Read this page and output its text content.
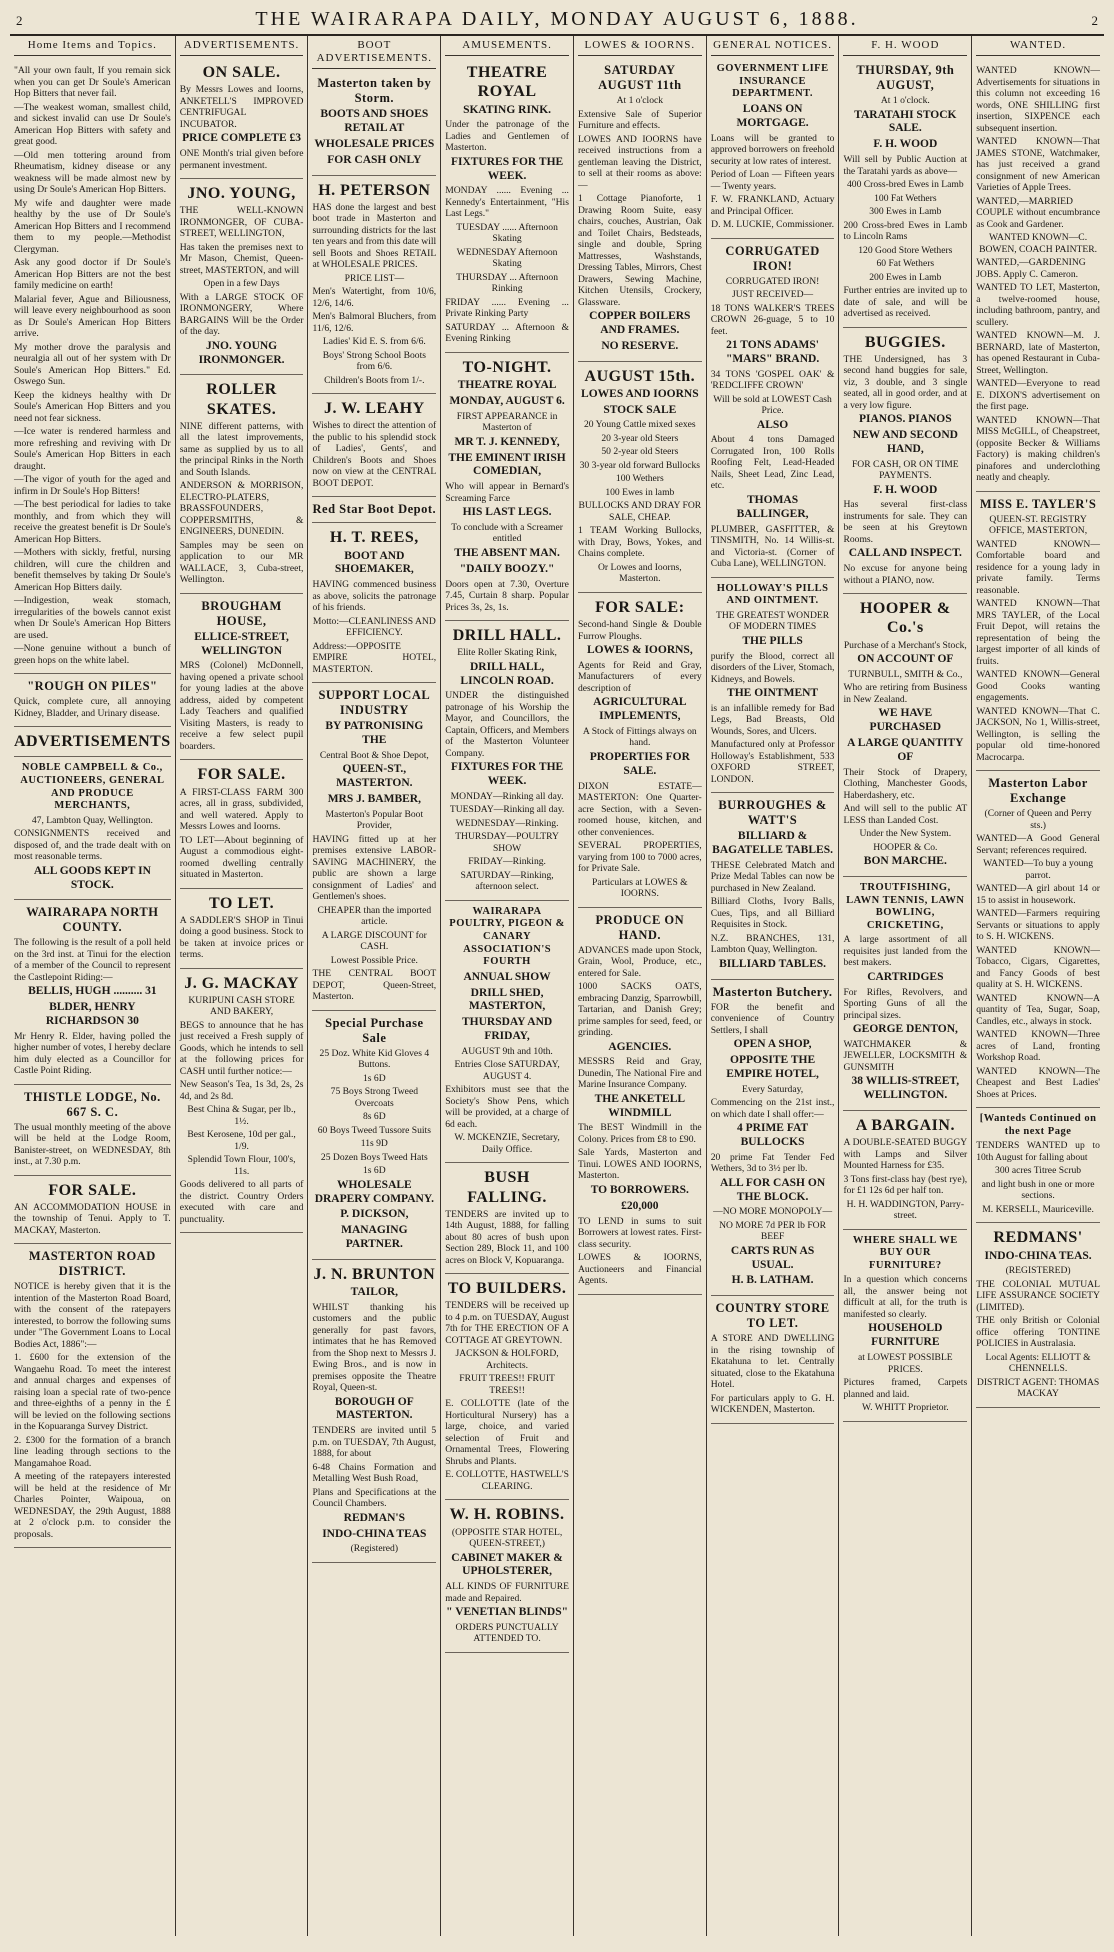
2	THE WAIRARAPA DAILY, MONDAY AUGUST 6, 1888.	2
Home Items and Topics.
"All your own fault, If you remain sick when you can get Dr Soule's American Hop Bitters that never fail.
—The weakest woman, smallest child, and sickest invalid can use Dr Soule's American Hop Bitters with safety and great good.
—Old men tottering around from Rheumatism, kidney disease or any weakness will be made almost new by using Dr Soule's American Hop Bitters.
My wife and daughter were made healthy by the use of Dr Soule's American Hop Bitters and I recommend them to my people.—Methodist Clergyman.
Ask any good doctor if Dr Soule's American Hop Bitters are not the best family medicine on earth!
Malarial fever, Ague and Biliousness, will leave every neighbourhood as soon as Dr Soule's American Hop Bitters arrive.
My mother drove the paralysis and neuralgia all out of her system with Dr Soule's American Hop Bitters." Ed. Oswego Sun.
Keep the kidneys healthy with Dr Soule's American Hop Bitters and you need not fear sickness.
—Ice water is rendered harmless and more refreshing and reviving with Dr Soule's American Hop Bitters in each draught.
—The vigor of youth for the aged and infirm in Dr Soule's Hop Bitters!
—The best periodical for ladies to take monthly, and from which they will receive the greatest benefit is Dr Soule's American Hop Bitters.
—Mothers with sickly, fretful, nursing children, will cure the children and benefit themselves by taking Dr Soule's American Hop Bitters daily.
—Indigestion, weak stomach, irregularities of the bowels cannot exist when Dr Soule's American Hop Bitters are used.
—None genuine without a bunch of green hops on the white label.
"ROUGH ON PILES"
Quick, complete cure, all annoying Kidney, Bladder, and Urinary disease.
ADVERTISEMENTS
NOBLE CAMPBELL & Co., AUCTIONEERS, GENERAL AND PRODUCE MERCHANTS,
47, Lambton Quay, Wellington.
CONSIGNMENTS received and disposed of, and the trade dealt with on most reasonable terms.
ALL GOODS KEPT IN STOCK.
WAIRARAPA NORTH COUNTY.
The following is the result of a poll held on the 3rd inst. at Tinui for the election of a member of the Council to represent the Castlepoint Riding:—
BELLIS, HUGH .......... 31
BLDER, HENRY RICHARDSON 30
Mr Henry R. Elder, having polled the higher number of votes, I hereby declare him duly elected as a Councillor for Castle Point Riding.
THISTLE LODGE, No. 667 S. C.
The usual monthly meeting of the above will be held at the Lodge Room, Banister-street, on WEDNESDAY, 8th inst., at 7.30 p.m.
FOR SALE.
AN ACCOMMODATION HOUSE in the township of Tenui. Apply to T. MACKAY, Masterton.
MASTERTON ROAD DISTRICT.
NOTICE is hereby given that it is the intention of the Masterton Road Board, with the consent of the ratepayers interested, to borrow the following sums under "The Government Loans to Local Bodies Act, 1886":—
1. £600 for the extension of the Wangaehu Road. To meet the interest and annual charges and expenses of raising loan a special rate of two-pence and three-eighths of a penny in the £ will be levied on the following sections in the Kopuaranga Survey District.
2. £300 for the formation of a branch line leading through sections to the Mangamahoe Road.
A meeting of the ratepayers interested will be held at the residence of Mr Charles Pointer, Waipoua, on WEDNESDAY, the 29th August, 1888 at 2 o'clock p.m. to consider the proposals.
ADVERTISEMENTS.
ON SALE.
By Messrs Lowes and Ioorns, ANKETELL'S IMPROVED CENTRIFUGAL INCUBATOR.
PRICE COMPLETE £3
ONE Month's trial given before permanent investment.
JNO. YOUNG,
THE WELL-KNOWN IRONMONGER, OF CUBA-STREET, WELLINGTON,
Has taken the premises next to Mr Mason, Chemist, Queen-street, MASTERTON, and will
Open in a few Days
With a LARGE STOCK OF IRONMONGERY, Where BARGAINS Will be the Order of the day.
JNO. YOUNG IRONMONGER.
ROLLER SKATES.
NINE different patterns, with all the latest improvements, same as supplied by us to all the principal Rinks in the North and South Islands.
ANDERSON & MORRISON, ELECTRO-PLATERS, BRASSFOUNDERS, COPPERSMITHS, & ENGINEERS, DUNEDIN.
Samples may be seen on application to our MR WALLACE, 3, Cuba-street, Wellington.
BROUGHAM HOUSE,
ELLICE-STREET, WELLINGTON
MRS (Colonel) McDonnell, having opened a private school for young ladies at the above address, aided by competent Lady Teachers and qualified Visiting Masters, is ready to receive a few select pupil boarders.
FOR SALE.
A FIRST-CLASS FARM 300 acres, all in grass, subdivided, and well watered. Apply to Messrs Lowes and Ioorns.
TO LET—About beginning of August a commodious eight-roomed dwelling centrally situated in Masterton.
TO LET.
A SADDLER'S SHOP in Tinui doing a good business. Stock to be taken at invoice prices or terms.
J. G. MACKAY
KURIPUNI CASH STORE AND BAKERY,
BEGS to announce that he has just received a Fresh supply of Goods, which he intends to sell at the following prices for CASH until further notice:—
New Season's Tea, 1s 3d, 2s, 2s 4d, and 2s 8d.
Best China & Sugar, per lb., 1½.
Best Kerosene, 10d per gal., 1/9.
Splendid Town Flour, 100's, 11s.
Goods delivered to all parts of the district. Country Orders executed with care and punctuality.
BOOT ADVERTISEMENTS.
Masterton taken by Storm.
BOOTS AND SHOES RETAIL AT
WHOLESALE PRICES
FOR CASH ONLY
H. PETERSON
HAS done the largest and best boot trade in Masterton and surrounding districts for the last ten years and from this date will sell Boots and Shoes RETAIL at WHOLESALE PRICES.
PRICE LIST—
Men's Watertight, from 10/6, 12/6, 14/6.
Men's Balmoral Bluchers, from 11/6, 12/6.
Ladies' Kid E. S. from 6/6.
Boys' Strong School Boots from 6/6.
Children's Boots from 1/-.
J. W. LEAHY
Wishes to direct the attention of the public to his splendid stock of Ladies', Gents', and Children's Boots and Shoes now on view at the CENTRAL BOOT DEPOT.
Red Star Boot Depot.
H. T. REES,
BOOT AND SHOEMAKER,
HAVING commenced business as above, solicits the patronage of his friends.
Motto:—CLEANLINESS AND EFFICIENCY.
Address:—OPPOSITE EMPIRE HOTEL, MASTERTON.
SUPPORT LOCAL INDUSTRY
BY PATRONISING THE
Central Boot & Shoe Depot,
QUEEN-ST., MASTERTON.
MRS J. BAMBER,
Masterton's Popular Boot Provider,
HAVING fitted up at her premises extensive LABOR-SAVING MACHINERY, the public are shown a large consignment of Ladies' and Gentlemen's shoes.
CHEAPER than the imported article.
A LARGE DISCOUNT for CASH.
Lowest Possible Price.
THE CENTRAL BOOT DEPOT, Queen-Street, Masterton.
Special Purchase Sale
25 Doz. White Kid Gloves 4 Buttons.
1s 6D
75 Boys Strong Tweed Overcoats
8s 6D
60 Boys Tweed Tussore Suits
11s 9D
25 Dozen Boys Tweed Hats
1s 6D
WHOLESALE DRAPERY COMPANY.
P. DICKSON,
MANAGING PARTNER.
J. N. BRUNTON
TAILOR,
WHILST thanking his customers and the public generally for past favors, intimates that he has Removed from the Shop next to Messrs J. Ewing Bros., and is now in premises opposite the Theatre Royal, Queen-st.
BOROUGH OF MASTERTON.
TENDERS are invited until 5 p.m. on TUESDAY, 7th August, 1888, for about
6-48 Chains Formation and Metalling West Bush Road,
Plans and Specifications at the Council Chambers.
REDMAN'S
INDO-CHINA TEAS
(Registered)
AMUSEMENTS.
THEATRE ROYAL
SKATING RINK.
Under the patronage of the Ladies and Gentlemen of Masterton.
FIXTURES FOR THE WEEK.
MONDAY ...... Evening ... Kennedy's Entertainment, "His Last Legs."
TUESDAY ...... Afternoon Skating
WEDNESDAY Afternoon Skating
THURSDAY ... Afternoon Rinking
FRIDAY ...... Evening ... Private Rinking Party
SATURDAY ... Afternoon & Evening Rinking
TO-NIGHT.
THEATRE ROYAL
MONDAY, AUGUST 6.
FIRST APPEARANCE in Masterton of
MR T. J. KENNEDY,
THE EMINENT IRISH COMEDIAN,
Who will appear in Bernard's Screaming Farce
HIS LAST LEGS.
To conclude with a Screamer entitled
THE ABSENT MAN.
"DAILY BOOZY."
Doors open at 7.30, Overture 7.45, Curtain 8 sharp. Popular Prices 3s, 2s, 1s.
DRILL HALL.
Elite Roller Skating Rink,
DRILL HALL, LINCOLN ROAD.
UNDER the distinguished patronage of his Worship the Mayor, and Councillors, the Captain, Officers, and Members of the Masterton Volunteer Company.
FIXTURES FOR THE WEEK.
MONDAY—Rinking all day.
TUESDAY—Rinking all day.
WEDNESDAY—Rinking.
THURSDAY—POULTRY SHOW
FRIDAY—Rinking.
SATURDAY—Rinking, afternoon select.
WAIRARAPA POULTRY, PIGEON & CANARY ASSOCIATION'S FOURTH
ANNUAL SHOW
DRILL SHED, MASTERTON,
THURSDAY AND FRIDAY,
AUGUST 9th and 10th.
Entries Close SATURDAY, AUGUST 4.
Exhibitors must see that the Society's Show Pens, which will be provided, at a charge of 6d each.
W. MCKENZIE, Secretary, Daily Office.
BUSH FALLING.
TENDERS are invited up to 14th August, 1888, for falling about 80 acres of bush upon Section 289, Block 11, and 100 acres on Block V, Kopuaranga.
TO BUILDERS.
TENDERS will be received up to 4 p.m. on TUESDAY, August 7th for THE ERECTION OF A COTTAGE AT GREYTOWN.
JACKSON & HOLFORD, Architects.
FRUIT TREES!! FRUIT TREES!!
E. COLLOTTE (late of the Horticultural Nursery) has a large, choice, and varied selection of Fruit and Ornamental Trees, Flowering Shrubs and Plants.
E. COLLOTTE, HASTWELL'S CLEARING.
W. H. ROBINS.
(OPPOSITE STAR HOTEL, QUEEN-STREET,)
CABINET MAKER & UPHOLSTERER,
ALL KINDS OF FURNITURE made and Repaired.
" VENETIAN BLINDS"
ORDERS PUNCTUALLY ATTENDED TO.
LOWES & IOORNS.
SATURDAY AUGUST 11th
At 1 o'clock
Extensive Sale of Superior Furniture and effects.
LOWES AND IOORNS have received instructions from a gentleman leaving the District, to sell at their rooms as above:—
1 Cottage Pianoforte, 1 Drawing Room Suite, easy chairs, couches, Austrian, Oak and Toilet Chairs, Bedsteads, single and double, Spring Mattresses, Washstands, Dressing Tables, Mirrors, Chest Drawers, Sewing Machine, Kitchen Utensils, Crockery, Glassware.
COPPER BOILERS AND FRAMES.
NO RESERVE.
AUGUST 15th.
LOWES AND IOORNS
STOCK SALE
20 Young Cattle mixed sexes
20 3-year old Steers
50 2-year old Steers
30 3-year old forward Bullocks
100 Wethers
100 Ewes in lamb
BULLOCKS AND DRAY FOR SALE, CHEAP.
1 TEAM Working Bullocks, with Dray, Bows, Yokes, and Chains complete.
Or Lowes and Ioorns, Masterton.
FOR SALE:
Second-hand Single & Double Furrow Ploughs.
LOWES & IOORNS,
Agents for Reid and Gray, Manufacturers of every description of
AGRICULTURAL IMPLEMENTS,
A Stock of Fittings always on hand.
PROPERTIES FOR SALE.
DIXON ESTATE—MASTERTON: One Quarter-acre Section, with a Seven-roomed house, kitchen, and other conveniences.
SEVERAL PROPERTIES, varying from 100 to 7000 acres, for Private Sale.
Particulars at LOWES & IOORNS.
PRODUCE ON HAND.
ADVANCES made upon Stock, Grain, Wool, Produce, etc., entered for Sale.
1000 SACKS OATS, embracing Danzig, Sparrowbill, Tartarian, and Danish Grey; prime samples for seed, feed, or grinding.
AGENCIES.
MESSRS Reid and Gray, Dunedin, The National Fire and Marine Insurance Company.
THE ANKETELL WINDMILL
The BEST Windmill in the Colony. Prices from £8 to £90.
Sale Yards, Masterton and Tinui. LOWES AND IOORNS, Masterton.
TO BORROWERS.
£20,000
TO LEND in sums to suit Borrowers at lowest rates. First-class security.
LOWES & IOORNS, Auctioneers and Financial Agents.
GENERAL NOTICES.
GOVERNMENT LIFE INSURANCE DEPARTMENT.
LOANS ON MORTGAGE.
Loans will be granted to approved borrowers on freehold security at low rates of interest.
Period of Loan — Fifteen years — Twenty years.
F. W. FRANKLAND, Actuary and Principal Officer.
D. M. LUCKIE, Commissioner.
CORRUGATED IRON!
CORRUGATED IRON!
JUST RECEIVED—
18 TONS WALKER'S TREES CROWN 26-guage, 5 to 10 feet.
21 TONS ADAMS' "MARS" BRAND.
34 TONS 'GOSPEL OAK' & 'REDCLIFFE CROWN'
Will be sold at LOWEST Cash Price.
ALSO
About 4 tons Damaged Corrugated Iron, 100 Rolls Roofing Felt, Lead-Headed Nails, Sheet Lead, Zinc Lead, etc.
THOMAS BALLINGER,
PLUMBER, GASFITTER, & TINSMITH, No. 14 Willis-st. and Victoria-st. (Corner of Cuba Lane), WELLINGTON.
HOLLOWAY'S PILLS AND OINTMENT.
THE GREATEST WONDER OF MODERN TIMES
THE PILLS
purify the Blood, correct all disorders of the Liver, Stomach, Kidneys, and Bowels.
THE OINTMENT
is an infallible remedy for Bad Legs, Bad Breasts, Old Wounds, Sores, and Ulcers.
Manufactured only at Professor Holloway's Establishment, 533 OXFORD STREET, LONDON.
BURROUGHES & WATT'S
BILLIARD & BAGATELLE TABLES.
THESE Celebrated Match and Prize Medal Tables can now be purchased in New Zealand.
Billiard Cloths, Ivory Balls, Cues, Tips, and all Billiard Requisites in Stock.
N.Z. BRANCHES, 131, Lambton Quay, Wellington.
BILLIARD TABLES.
Masterton Butchery.
FOR the benefit and convenience of Country Settlers, I shall
OPEN A SHOP,
OPPOSITE THE EMPIRE HOTEL,
Every Saturday,
Commencing on the 21st inst., on which date I shall offer:—
4 PRIME FAT BULLOCKS
20 prime Fat Tender Fed Wethers, 3d to 3½ per lb.
ALL FOR CASH ON THE BLOCK.
—NO MORE MONOPOLY—
NO MORE 7d PER lb FOR BEEF
CARTS RUN AS USUAL.
H. B. LATHAM.
COUNTRY STORE TO LET.
A STORE AND DWELLING in the rising township of Ekatahuna to let. Centrally situated, close to the Ekatahuna Hotel.
For particulars apply to G. H. WICKENDEN, Masterton.
F. H. WOOD
THURSDAY, 9th AUGUST,
At 1 o'clock.
TARATAHI STOCK SALE.
F. H. WOOD
Will sell by Public Auction at the Taratahi yards as above—
400 Cross-bred Ewes in Lamb
100 Fat Wethers
300 Ewes in Lamb
200 Cross-bred Ewes in Lamb to Lincoln Rams
120 Good Store Wethers
60 Fat Wethers
200 Ewes in Lamb
Further entries are invited up to date of sale, and will be advertised as received.
BUGGIES.
THE Undersigned, has 3 second hand buggies for sale, viz, 3 double, and 3 single seated, all in good order, and at a very low figure.
PIANOS. PIANOS
NEW AND SECOND HAND,
FOR CASH, OR ON TIME PAYMENTS.
F. H. WOOD
Has several first-class instruments for sale. They can be seen at his Greytown Rooms.
CALL AND INSPECT.
No excuse for anyone being without a PIANO, now.
HOOPER & Co.'s
Purchase of a Merchant's Stock,
ON ACCOUNT OF
TURNBULL, SMITH & Co.,
Who are retiring from Business in New Zealand.
WE HAVE PURCHASED
A LARGE QUANTITY OF
Their Stock of Drapery, Clothing, Manchester Goods, Haberdashery, etc.
And will sell to the public AT LESS than Landed Cost.
Under the New System.
HOOPER & Co.
BON MARCHE.
TROUTFISHING, LAWN TENNIS, LAWN BOWLING, CRICKETING,
A large assortment of all requisites just landed from the best makers.
CARTRIDGES
For Rifles, Revolvers, and Sporting Guns of all the principal sizes.
GEORGE DENTON,
WATCHMAKER & JEWELLER, LOCKSMITH & GUNSMITH
38 WILLIS-STREET, WELLINGTON.
A BARGAIN.
A DOUBLE-SEATED BUGGY with Lamps and Silver Mounted Harness for £35.
3 Tons first-class hay (best rye), for £1 12s 6d per half ton.
H. H. WADDINGTON, Parry-street.
WHERE SHALL WE BUY OUR FURNITURE?
In a question which concerns all, the answer being not difficult at all, for the truth is manifested so clearly.
HOUSEHOLD FURNITURE
at LOWEST POSSIBLE PRICES.
Pictures framed, Carpets planned and laid.
W. WHITT Proprietor.
WANTED.
WANTED KNOWN—Advertisements for situations in this column not exceeding 16 words, ONE SHILLING first insertion, SIXPENCE each subsequent insertion.
WANTED KNOWN—That JAMES STONE, Watchmaker, has just received a grand consignment of new American Varieties of Apple Trees.
WANTED,—MARRIED COUPLE without encumbrance as Cook and Gardener.
WANTED KNOWN—C. BOWEN, COACH PAINTER.
WANTED,—GARDENING JOBS. Apply C. Cameron.
WANTED TO LET, Masterton, a twelve-roomed house, including bathroom, pantry, and scullery.
WANTED KNOWN—M. J. BERNARD, late of Masterton, has opened Restaurant in Cuba-Street, Wellington.
WANTED—Everyone to read E. DIXON'S advertisement on the first page.
WANTED KNOWN—That MISS McGILL, of Cheapstreet, (opposite Becker & Williams Factory) is making children's pinafores and underclothing neatly and cheaply.
MISS E. TAYLER'S
QUEEN-ST. REGISTRY OFFICE, MASTERTON,
WANTED KNOWN—Comfortable board and residence for a young lady in private family. Terms reasonable.
WANTED KNOWN—That MRS TAYLER, of the Local Fruit Depot, will retains the representation of being the largest importer of all kinds of fruits.
WANTED KNOWN—General Good Cooks wanting engagements.
WANTED KNOWN—That C. JACKSON, No 1, Willis-street, Wellington, is selling the popular old time-honored Macrocarpa.
Masterton Labor Exchange
(Corner of Queen and Perry sts.)
WANTED—A Good General Servant; references required.
WANTED—To buy a young parrot.
WANTED—A girl about 14 or 15 to assist in housework.
WANTED—Farmers requiring Servants or situations to apply to S. H. WICKENS.
WANTED KNOWN—Tobacco, Cigars, Cigarettes, and Fancy Goods of best quality at S. H. WICKENS.
WANTED KNOWN—A quantity of Tea, Sugar, Soap, Candles, etc., always in stock.
WANTED KNOWN—Three acres of Land, fronting Workshop Road.
WANTED KNOWN—The Cheapest and Best Ladies' Shoes at Prices.
[Wanteds Continued on the next Page
TENDERS WANTED up to 10th August for falling about
300 acres Titree Scrub
and light bush in one or more sections.
M. KERSELL, Mauriceville.
REDMANS'
INDO-CHINA TEAS.
(REGISTERED)
THE COLONIAL MUTUAL LIFE ASSURANCE SOCIETY (LIMITED).
THE only British or Colonial office offering TONTINE POLICIES in Australasia.
Local Agents: ELLIOTT & CHENNELLS.
DISTRICT AGENT: THOMAS MACKAY
